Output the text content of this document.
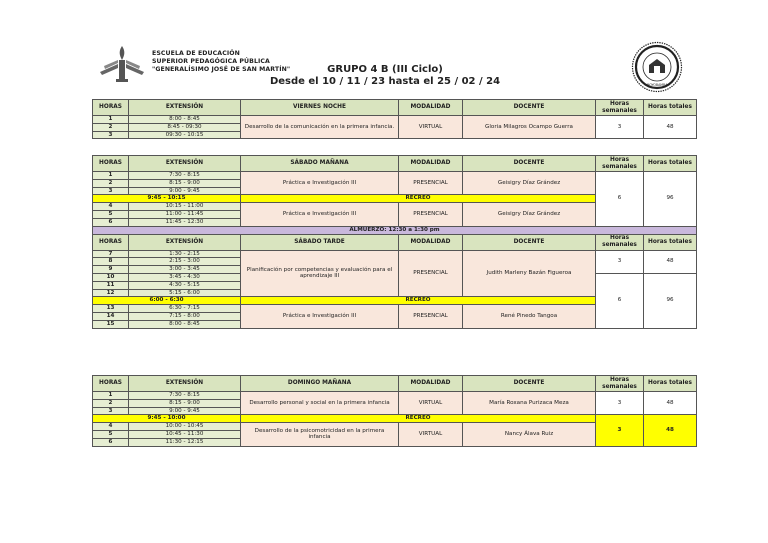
ESCUELA DE EDUCACIÓN
SUPERIOR PEDAGÓGICA PÚBLICA
"GENERALÍSIMO JOSÉ DE SAN MARTÍN"	GRUPO 4 B (III Ciclo)
Desde el 10 / 11 / 23 hasta el 25 / 02 / 24	MOYOBAMBA
HORAS	EXTENSIÓN	VIERNES NOCHE	MODALIDAD	DOCENTE	Horas semanales	Horas totales
1	8:00 - 8:45	Desarrollo de la comunicación en la primera infancia.	VIRTUAL	Gloria Milagros Ocampo Guerra	3	48
2	8:45 - 09:30					
3	09:30 - 10:15					
HORAS	EXTENSIÓN	SÁBADO MAÑANA	MODALIDAD	DOCENTE	Horas semanales	Horas totales
1	7:30 - 8:15	Práctica e Investigación III	PRESENCIAL	Geisigry Díaz Grández	6	96
2	8:15 - 9:00					
3	9:00 - 9:45					
9:45 - 10:15		RECREO				
4	10:15 - 11:00	Práctica e Investigación III	PRESENCIAL	Geisigry Díaz Grández		
5	11:00 - 11:45					
6	11:45 - 12:30					
ALMUERZO: 12:30 a 1:30 pm						
HORAS	EXTENSIÓN	SÁBADO TARDE	MODALIDAD	DOCENTE	Horas semanales	Horas totales
7	1:30 - 2:15	Planificación por competencias y evaluación para el aprendizaje III	PRESENCIAL	Judith Marleny Bazán Figueroa	3	48
8	2:15 - 3:00					
9	3:00 - 3:45					
10	3:45 - 4:30				6	96
11	4:30 - 5:15					
12	5:15 - 6:00					
6:00 - 6:30		RECREO				
13	6:30 - 7:15	Práctica e Investigación III	PRESENCIAL	René Pinedo Tangoa		
14	7:15 - 8:00					
15	8:00 - 8:45					
HORAS	EXTENSIÓN	DOMINGO MAÑANA	MODALIDAD	DOCENTE	Horas semanales	Horas totales
1	7:30 - 8:15	Desarrollo personal y social en la primera infancia	VIRTUAL	María Roxana Purizaca Meza	3	48
2	8:15 - 9:00					
3	9:00 - 9:45					
9:45 - 10:00		RECREO			3	48
4	10:00 - 10:45	Desarrollo de la psicomotricidad en la primera infancia	VIRTUAL	Nancy Álava Ruiz		
5	10:45 - 11:30					
6	11:30 - 12:15					
